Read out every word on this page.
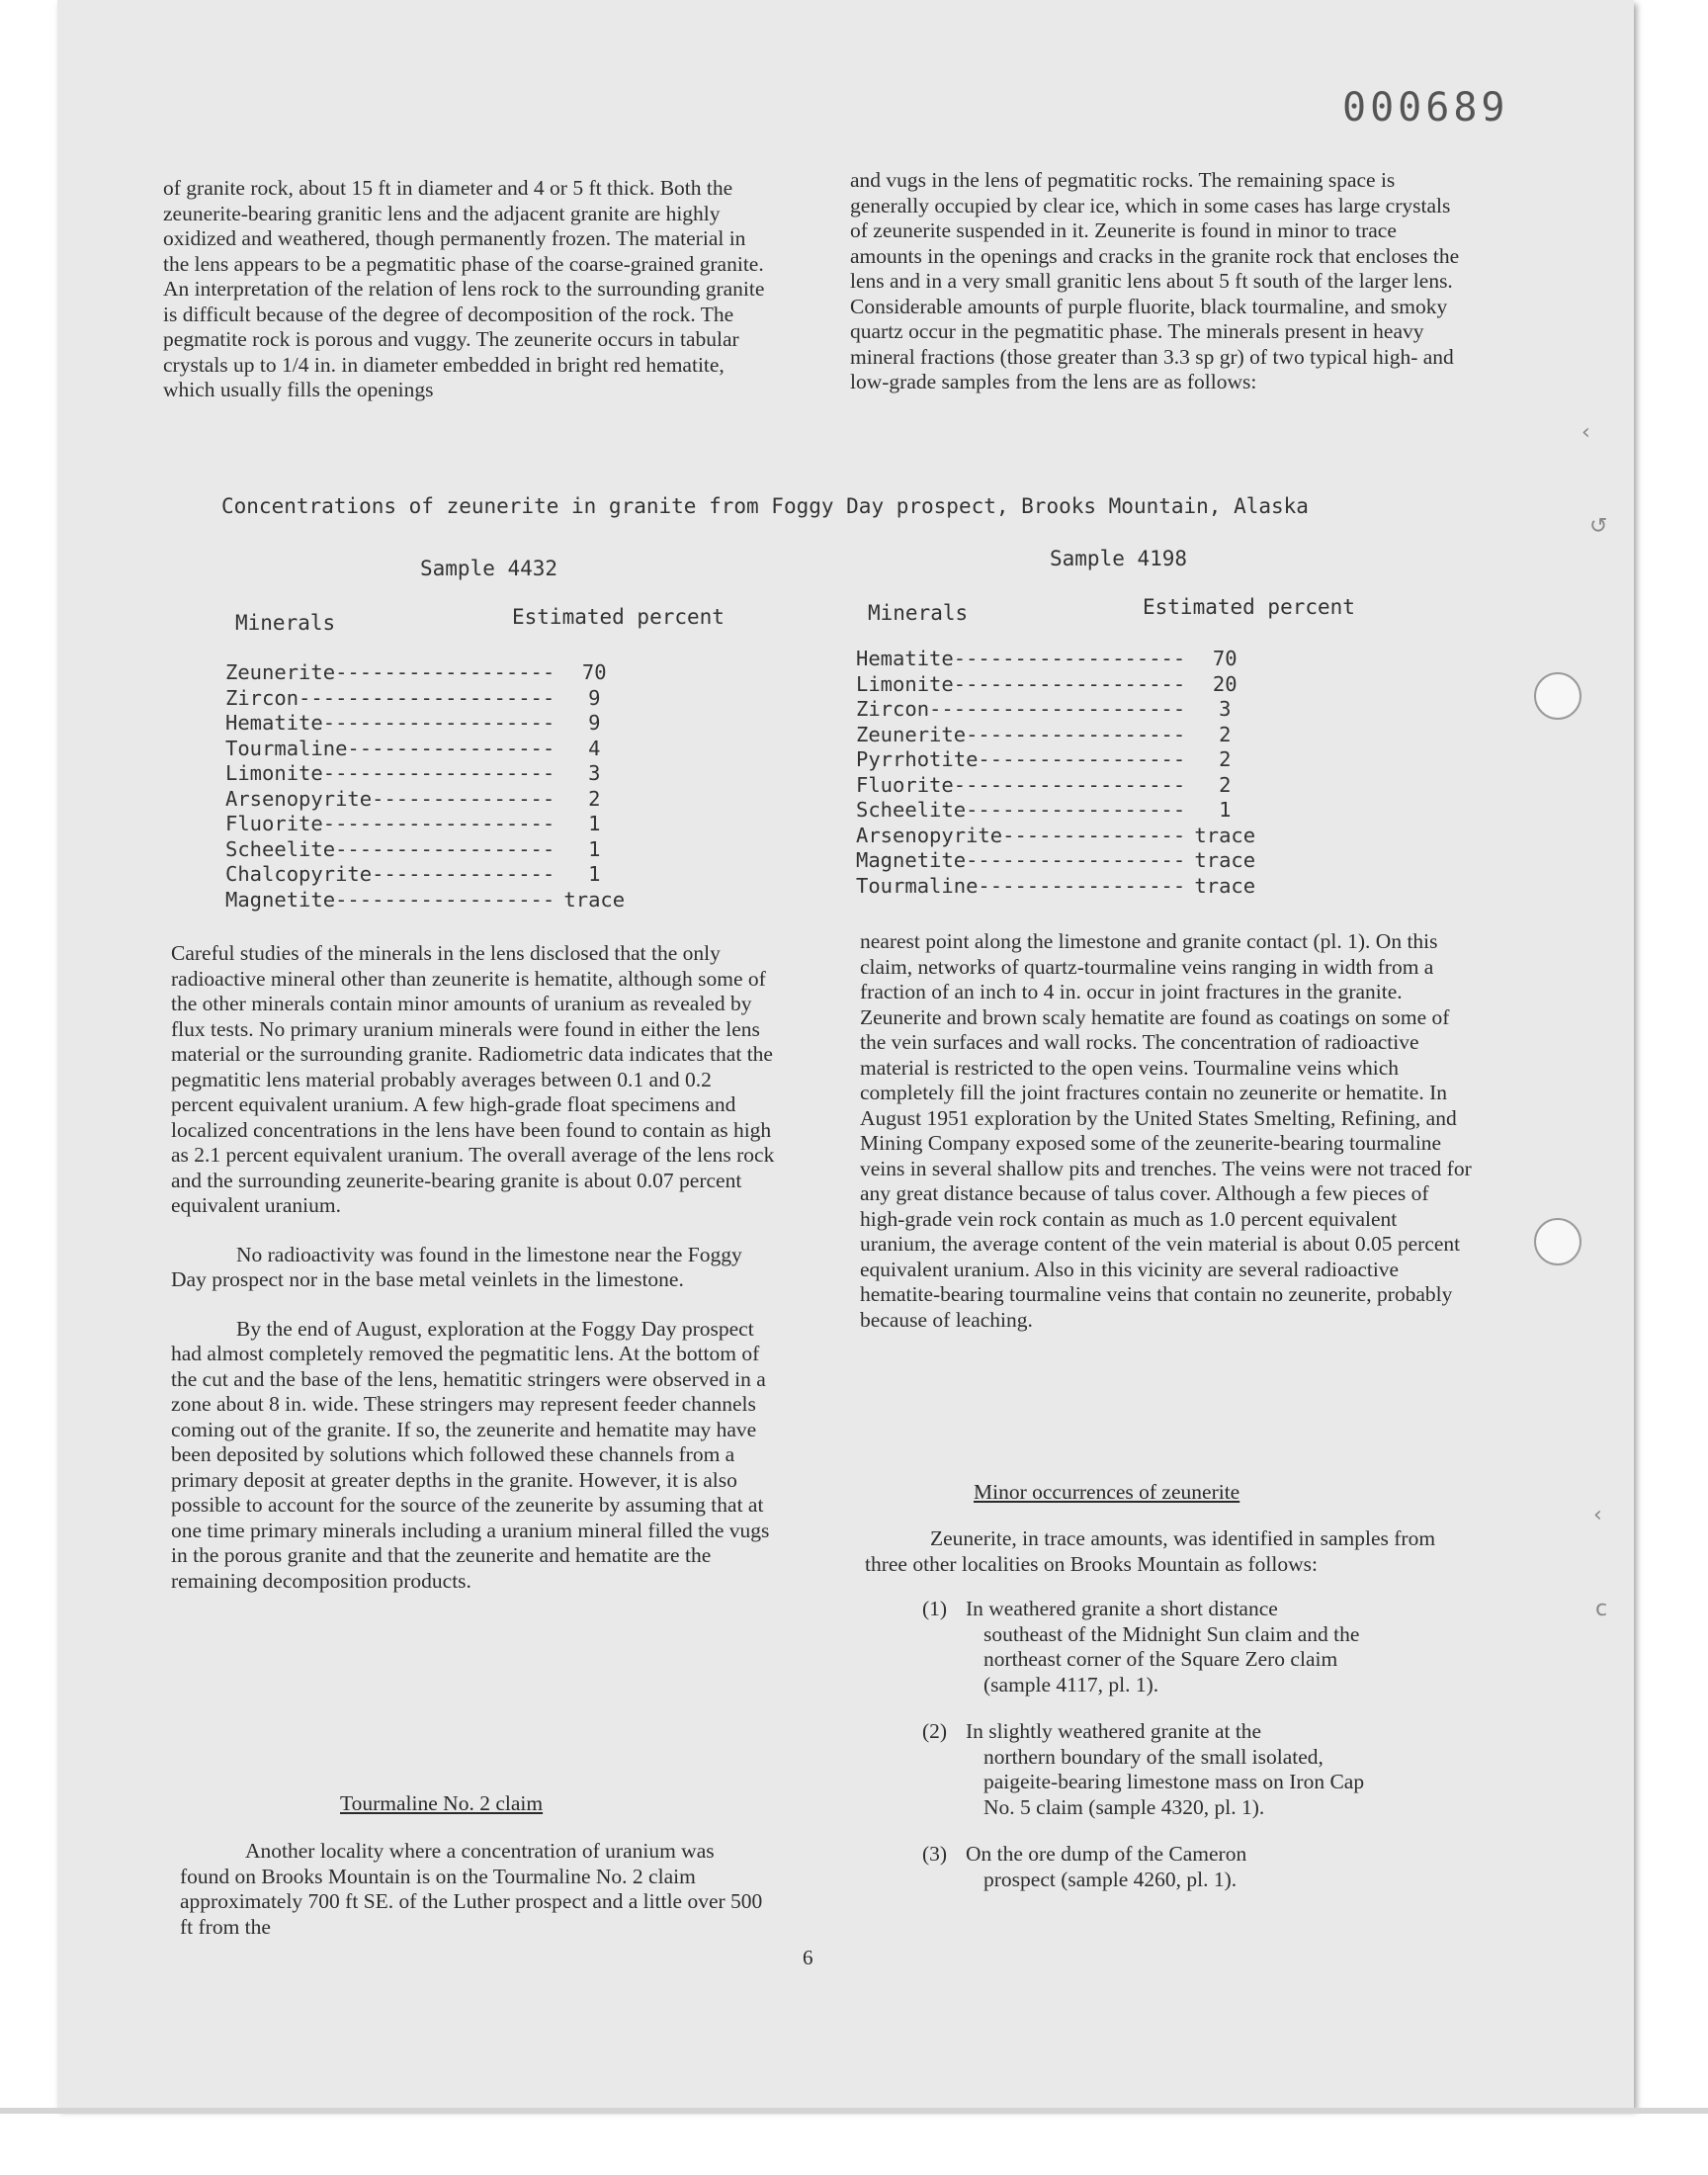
‹
↺
‹
c
000689

of granite rock, about 15 ft in diameter and 4 or 5 ft thick. Both the zeunerite-bearing granitic lens and the adjacent granite are highly oxidized and weathered, though permanently frozen. The material in the lens appears to be a pegmatitic phase of the coarse-grained granite. An interpretation of the relation of lens rock to the surrounding granite is difficult because of the degree of decomposition of the rock. The pegmatite rock is porous and vuggy. The zeunerite occurs in tabular crystals up to 1/4 in. in diameter embedded in bright red hematite, which usually fills the openings

and vugs in the lens of pegmatitic rocks. The remaining space is generally occupied by clear ice, which in some cases has large crystals of zeunerite suspended in it. Zeunerite is found in minor to trace amounts in the openings and cracks in the granite rock that encloses the lens and in a very small granitic lens about 5 ft south of the larger lens. Considerable amounts of purple fluorite, black tourmaline, and smoky quartz occur in the pegmatitic phase. The minerals present in heavy mineral fractions (those greater than 3.3 sp gr) of two typical high- and low-grade samples from the lens are as follows:

Concentrations of zeunerite in granite from Foggy Day prospect, Brooks Mountain, Alaska
Sample 4432
Minerals	Estimated percent
Zeunerite------------------	70
Zircon---------------------	9
Hematite-------------------	9
Tourmaline-----------------	4
Limonite-------------------	3
Arsenopyrite---------------	2
Fluorite-------------------	1
Scheelite------------------	1
Chalcopyrite---------------	1
Magnetite------------------ trace
Sample 4198
Minerals	Estimated percent
Hematite-------------------	70
Limonite-------------------	20
Zircon---------------------	3
Zeunerite------------------	2
Pyrrhotite-----------------	2
Fluorite-------------------	2
Scheelite------------------	1
Arsenopyrite--------------- trace
Magnetite------------------ trace
Tourmaline----------------- trace

Careful studies of the minerals in the lens disclosed that the only radioactive mineral other than zeunerite is hematite, although some of the other minerals contain minor amounts of uranium as revealed by flux tests. No primary uranium minerals were found in either the lens material or the surrounding granite. Radiometric data indicates that the pegmatitic lens material probably averages between 0.1 and 0.2 percent equivalent uranium. A few high-grade float specimens and localized concentrations in the lens have been found to contain as high as 2.1 percent equivalent uranium. The overall average of the lens rock and the surrounding zeunerite-bearing granite is about 0.07 percent equivalent uranium.

No radioactivity was found in the limestone near the Foggy Day prospect nor in the base metal veinlets in the limestone.

By the end of August, exploration at the Foggy Day prospect had almost completely removed the pegmatitic lens. At the bottom of the cut and the base of the lens, hematitic stringers were observed in a zone about 8 in. wide. These stringers may represent feeder channels coming out of the granite. If so, the zeunerite and hematite may have been deposited by solutions which followed these channels from a primary deposit at greater depths in the granite. However, it is also possible to account for the source of the zeunerite by assuming that at one time primary minerals including a uranium mineral filled the vugs in the porous granite and that the zeunerite and hematite are the remaining decomposition products.

Tourmaline No. 2 claim

Another locality where a concentration of uranium was found on Brooks Mountain is on the Tourmaline No. 2 claim approximately 700 ft SE. of the Luther prospect and a little over 500 ft from the

nearest point along the limestone and granite contact (pl. 1). On this claim, networks of quartz-tourmaline veins ranging in width from a fraction of an inch to 4 in. occur in joint fractures in the granite. Zeunerite and brown scaly hematite are found as coatings on some of the vein surfaces and wall rocks. The concentration of radioactive material is restricted to the open veins. Tourmaline veins which completely fill the joint fractures contain no zeunerite or hematite. In August 1951 exploration by the United States Smelting, Refining, and Mining Company exposed some of the zeunerite-bearing tourmaline veins in several shallow pits and trenches. The veins were not traced for any great distance because of talus cover. Although a few pieces of high-grade vein rock contain as much as 1.0 percent equivalent uranium, the average content of the vein material is about 0.05 percent equivalent uranium. Also in this vicinity are several radioactive hematite-bearing tourmaline veins that contain no zeunerite, probably because of leaching.

Minor occurrences of zeunerite

Zeunerite, in trace amounts, was identified in samples from three other localities on Brooks Mountain as follows:

(1) In weathered granite a short distance
southeast of the Midnight Sun claim and the northeast corner of the Square Zero claim (sample 4117, pl. 1).
(2) In slightly weathered granite at the
northern boundary of the small isolated, paigeite-bearing limestone mass on Iron Cap No. 5 claim (sample 4320, pl. 1).
(3) On the ore dump of the Cameron
prospect (sample 4260, pl. 1).
6
